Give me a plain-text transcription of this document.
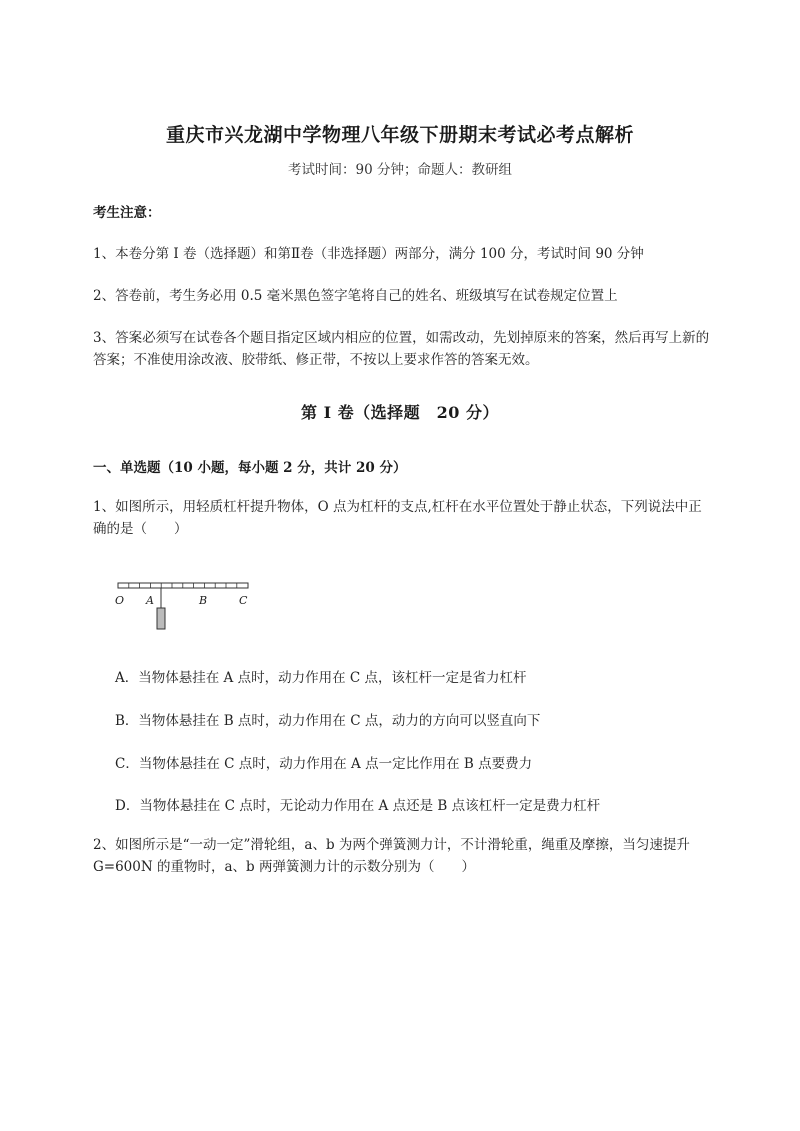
重庆市兴龙湖中学物理八年级下册期末考试必考点解析
考试时间：90 分钟；命题人：教研组
考生注意：
1、本卷分第 I 卷（选择题）和第Ⅱ卷（非选择题）两部分，满分 100 分，考试时间 90 分钟
2、答卷前，考生务必用 0.5 毫米黑色签字笔将自己的姓名、班级填写在试卷规定位置上
3、答案必须写在试卷各个题目指定区域内相应的位置，如需改动，先划掉原来的答案，然后再写上新的答案；不准使用涂改液、胶带纸、修正带，不按以上要求作答的答案无效。
第 I 卷（选择题　20 分）
一、单选题（10 小题，每小题 2 分，共计 20 分）
1、如图所示，用轻质杠杆提升物体，O 点为杠杆的支点,杠杆在水平位置处于静止状态，下列说法中正确的是（　　）
O A	B	C
A．当物体悬挂在 A 点时，动力作用在 C 点，该杠杆一定是省力杠杆
B．当物体悬挂在 B 点时，动力作用在 C 点，动力的方向可以竖直向下
C．当物体悬挂在 C 点时，动力作用在 A 点一定比作用在 B 点要费力
D．当物体悬挂在 C 点时，无论动力作用在 A 点还是 B 点该杠杆一定是费力杠杆
2、如图所示是“一动一定”滑轮组，a、b 为两个弹簧测力计，不计滑轮重，绳重及摩擦，当匀速提升 G=600N 的重物时，a、b 两弹簧测力计的示数分别为（　　）
